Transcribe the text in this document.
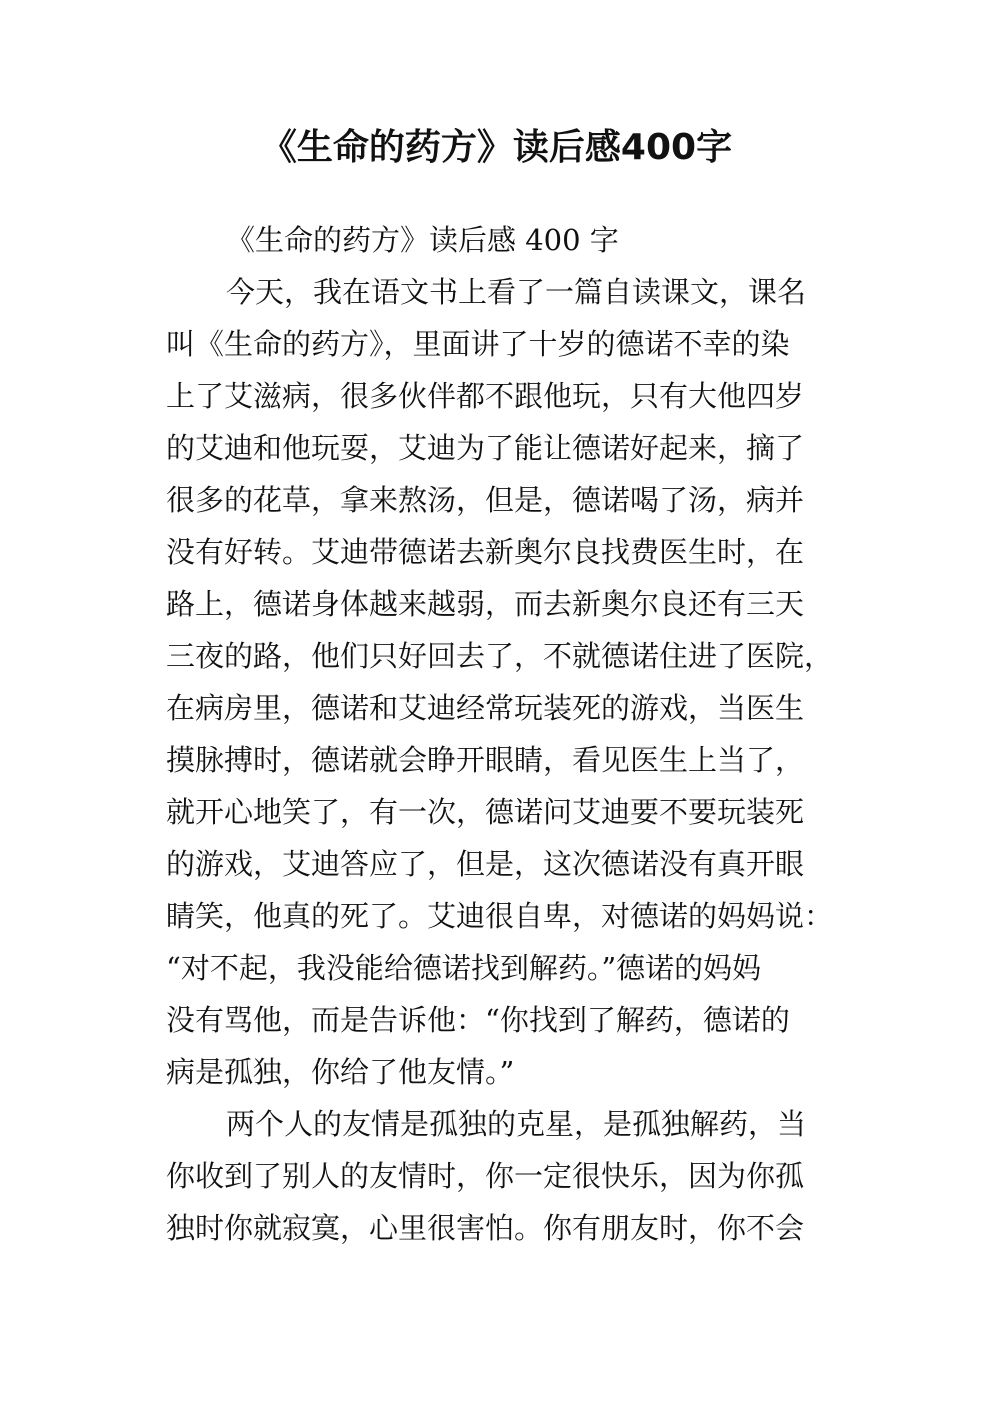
《生命的药方》读后感400字
《生命的药方》读后感 400 字
今天，我在语文书上看了一篇自读课文，课名
叫《生命的药方》，里面讲了十岁的德诺不幸的染
上了艾滋病，很多伙伴都不跟他玩，只有大他四岁
的艾迪和他玩耍，艾迪为了能让德诺好起来，摘了
很多的花草，拿来熬汤，但是，德诺喝了汤，病并
没有好转。艾迪带德诺去新奥尔良找费医生时，在
路上，德诺身体越来越弱，而去新奥尔良还有三天
三夜的路，他们只好回去了，不就德诺住进了医院，
在病房里，德诺和艾迪经常玩装死的游戏，当医生
摸脉搏时，德诺就会睁开眼睛，看见医生上当了，
就开心地笑了，有一次，德诺问艾迪要不要玩装死
的游戏，艾迪答应了，但是，这次德诺没有真开眼
睛笑，他真的死了。艾迪很自卑，对德诺的妈妈说：
“对不起，我没能给德诺找到解药。”德诺的妈妈
没有骂他，而是告诉他：“你找到了解药，德诺的
病是孤独，你给了他友情。”
两个人的友情是孤独的克星，是孤独解药，当
你收到了别人的友情时，你一定很快乐，因为你孤
独时你就寂寞，心里很害怕。你有朋友时，你不会
